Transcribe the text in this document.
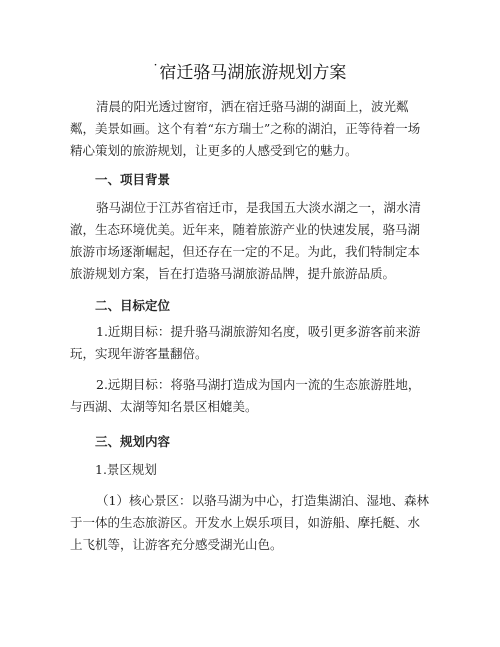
· 宿迁骆马湖旅游规划方案

清晨的阳光透过窗帘，洒在宿迁骆马湖的湖面上，波光粼粼，美景如画。这个有着“东方瑞士”之称的湖泊，正等待着一场精心策划的旅游规划，让更多的人感受到它的魅力。

一、项目背景

骆马湖位于江苏省宿迁市，是我国五大淡水湖之一，湖水清澈，生态环境优美。近年来，随着旅游产业的快速发展，骆马湖旅游市场逐渐崛起，但还存在一定的不足。为此，我们特制定本旅游规划方案，旨在打造骆马湖旅游品牌，提升旅游品质。

二、目标定位

1.近期目标：提升骆马湖旅游知名度，吸引更多游客前来游玩，实现年游客量翻倍。

2.远期目标：将骆马湖打造成为国内一流的生态旅游胜地，与西湖、太湖等知名景区相媲美。

三、规划内容

1.景区规划

（1）核心景区：以骆马湖为中心，打造集湖泊、湿地、森林于一体的生态旅游区。开发水上娱乐项目，如游船、摩托艇、水上飞机等，让游客充分感受湖光山色。
